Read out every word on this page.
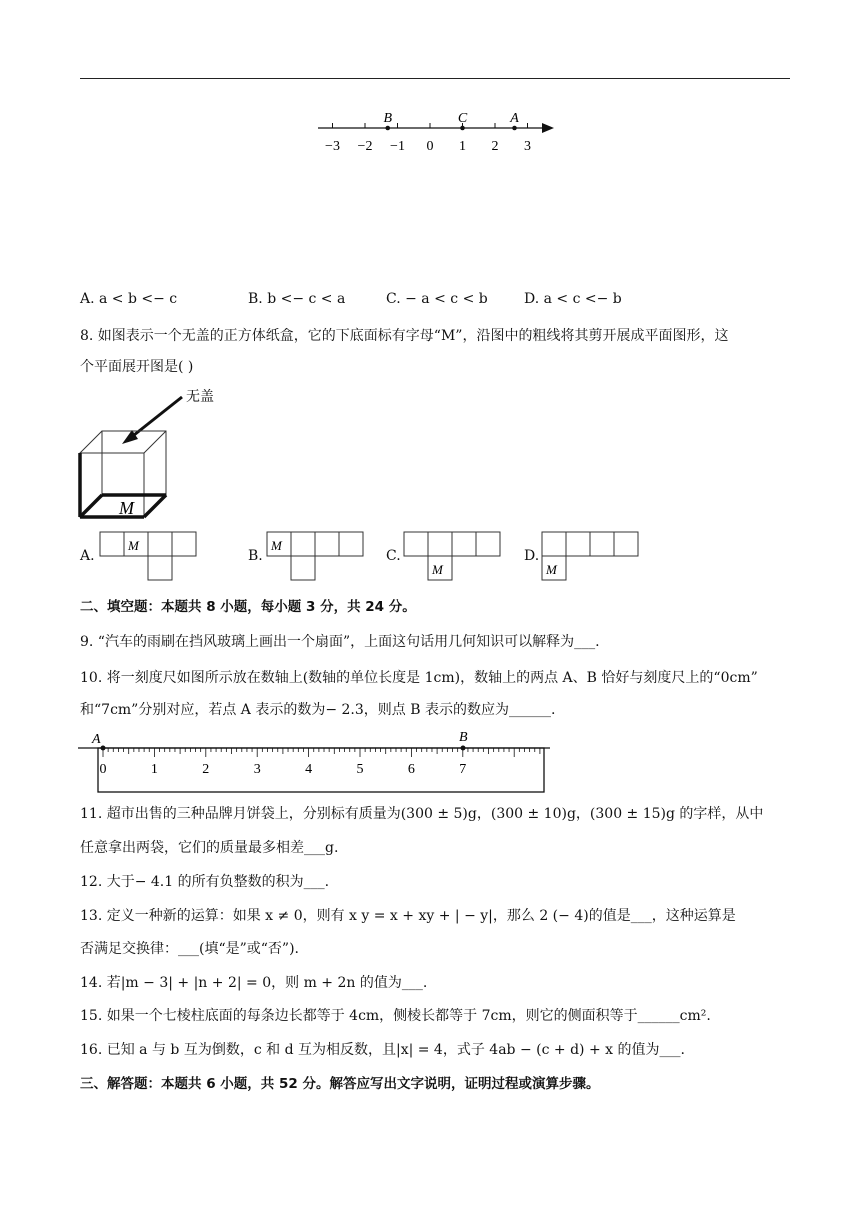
−3 −2 −1 0 1 2 3
B	C	A
A. a < b <− c	B. b <− c < a	C. − a < c < b	D. a < c <− b
8. 如图表示一个无盖的正方体纸盒，它的下底面标有字母“M”，沿图中的粗线将其剪开展成平面图形，这
个平面展开图是( )
无盖
M
A.
M
B.
M
C.
M
D.
M
二、填空题：本题共 8 小题，每小题 3 分，共 24 分。
9. “汽车的雨刷在挡风玻璃上画出一个扇面”，上面这句话用几何知识可以解释为___.
10. 将一刻度尺如图所示放在数轴上(数轴的单位长度是 1cm)，数轴上的两点 A、B 恰好与刻度尺上的“0cm”
和“7cm”分别对应，若点 A 表示的数为− 2.3，则点 B 表示的数应为______.
0	1	2	3	4	5	6	7
A	B
11. 超市出售的三种品牌月饼袋上，分别标有质量为(300 ± 5)g，(300 ± 10)g，(300 ± 15)g 的字样，从中
任意拿出两袋，它们的质量最多相差___g.
12. 大于− 4.1 的所有负整数的积为___.
13. 定义一种新的运算：如果 x ≠ 0，则有 x y = x + xy + | − y|，那么 2 (− 4)的值是___，这种运算是
否满足交换律：___(填“是”或“否”).
14. 若|m − 3| + |n + 2| = 0，则 m + 2n 的值为___.
15. 如果一个七棱柱底面的每条边长都等于 4cm，侧棱长都等于 7cm，则它的侧面积等于______cm².
16. 已知 a 与 b 互为倒数，c 和 d 互为相反数，且|x| = 4，式子 4ab − (c + d) + x 的值为___.
三、解答题：本题共 6 小题，共 52 分。解答应写出文字说明，证明过程或演算步骤。
